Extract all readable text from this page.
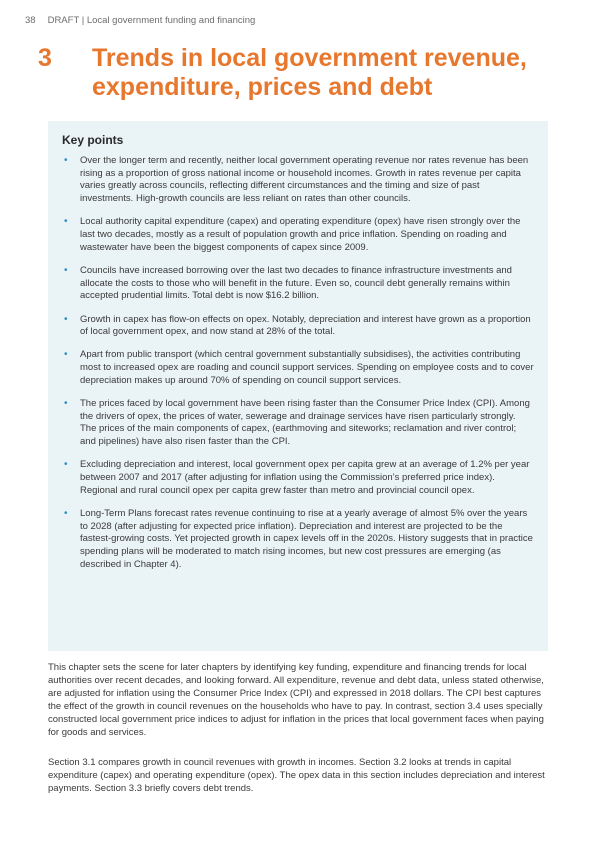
38 DRAFT | Local government funding and financing
3	Trends in local government revenue, expenditure, prices and debt
Key points
• Over the longer term and recently, neither local government operating revenue nor rates revenue has been rising as a proportion of gross national income or household incomes. Growth in rates revenue per capita varies greatly across councils, reflecting different circumstances and the timing and size of past investments. High-growth councils are less reliant on rates than other councils.
• Local authority capital expenditure (capex) and operating expenditure (opex) have risen strongly over the last two decades, mostly as a result of population growth and price inflation. Spending on roading and wastewater have been the biggest components of capex since 2009.
• Councils have increased borrowing over the last two decades to finance infrastructure investments and allocate the costs to those who will benefit in the future. Even so, council debt generally remains within accepted prudential limits. Total debt is now $16.2 billion.
• Growth in capex has flow-on effects on opex. Notably, depreciation and interest have grown as a proportion of local government opex, and now stand at 28% of the total.
• Apart from public transport (which central government substantially subsidises), the activities contributing most to increased opex are roading and council support services. Spending on employee costs and to cover depreciation makes up around 70% of spending on council support services.
• The prices faced by local government have been rising faster than the Consumer Price Index (CPI). Among the drivers of opex, the prices of water, sewerage and drainage services have risen particularly strongly. The prices of the main components of capex, (earthmoving and siteworks; reclamation and river control; and pipelines) have also risen faster than the CPI.
• Excluding depreciation and interest, local government opex per capita grew at an average of 1.2% per year between 2007 and 2017 (after adjusting for inflation using the Commission’s preferred price index). Regional and rural council opex per capita grew faster than metro and provincial council opex.
• Long-Term Plans forecast rates revenue continuing to rise at a yearly average of almost 5% over the years to 2028 (after adjusting for expected price inflation). Depreciation and interest are projected to be the fastest-growing costs. Yet projected growth in capex levels off in the 2020s. History suggests that in practice spending plans will be moderated to match rising incomes, but new cost pressures are emerging (as described in Chapter 4).

This chapter sets the scene for later chapters by identifying key funding, expenditure and financing trends for local authorities over recent decades, and looking forward. All expenditure, revenue and debt data, unless stated otherwise, are adjusted for inflation using the Consumer Price Index (CPI) and expressed in 2018 dollars. The CPI best captures the effect of the growth in council revenues on the households who have to pay. In contrast, section 3.4 uses specially constructed local government price indices to adjust for inflation in the prices that local government faces when paying for goods and services.

Section 3.1 compares growth in council revenues with growth in incomes. Section 3.2 looks at trends in capital expenditure (capex) and operating expenditure (opex). The opex data in this section includes depreciation and interest payments. Section 3.3 briefly covers debt trends.
